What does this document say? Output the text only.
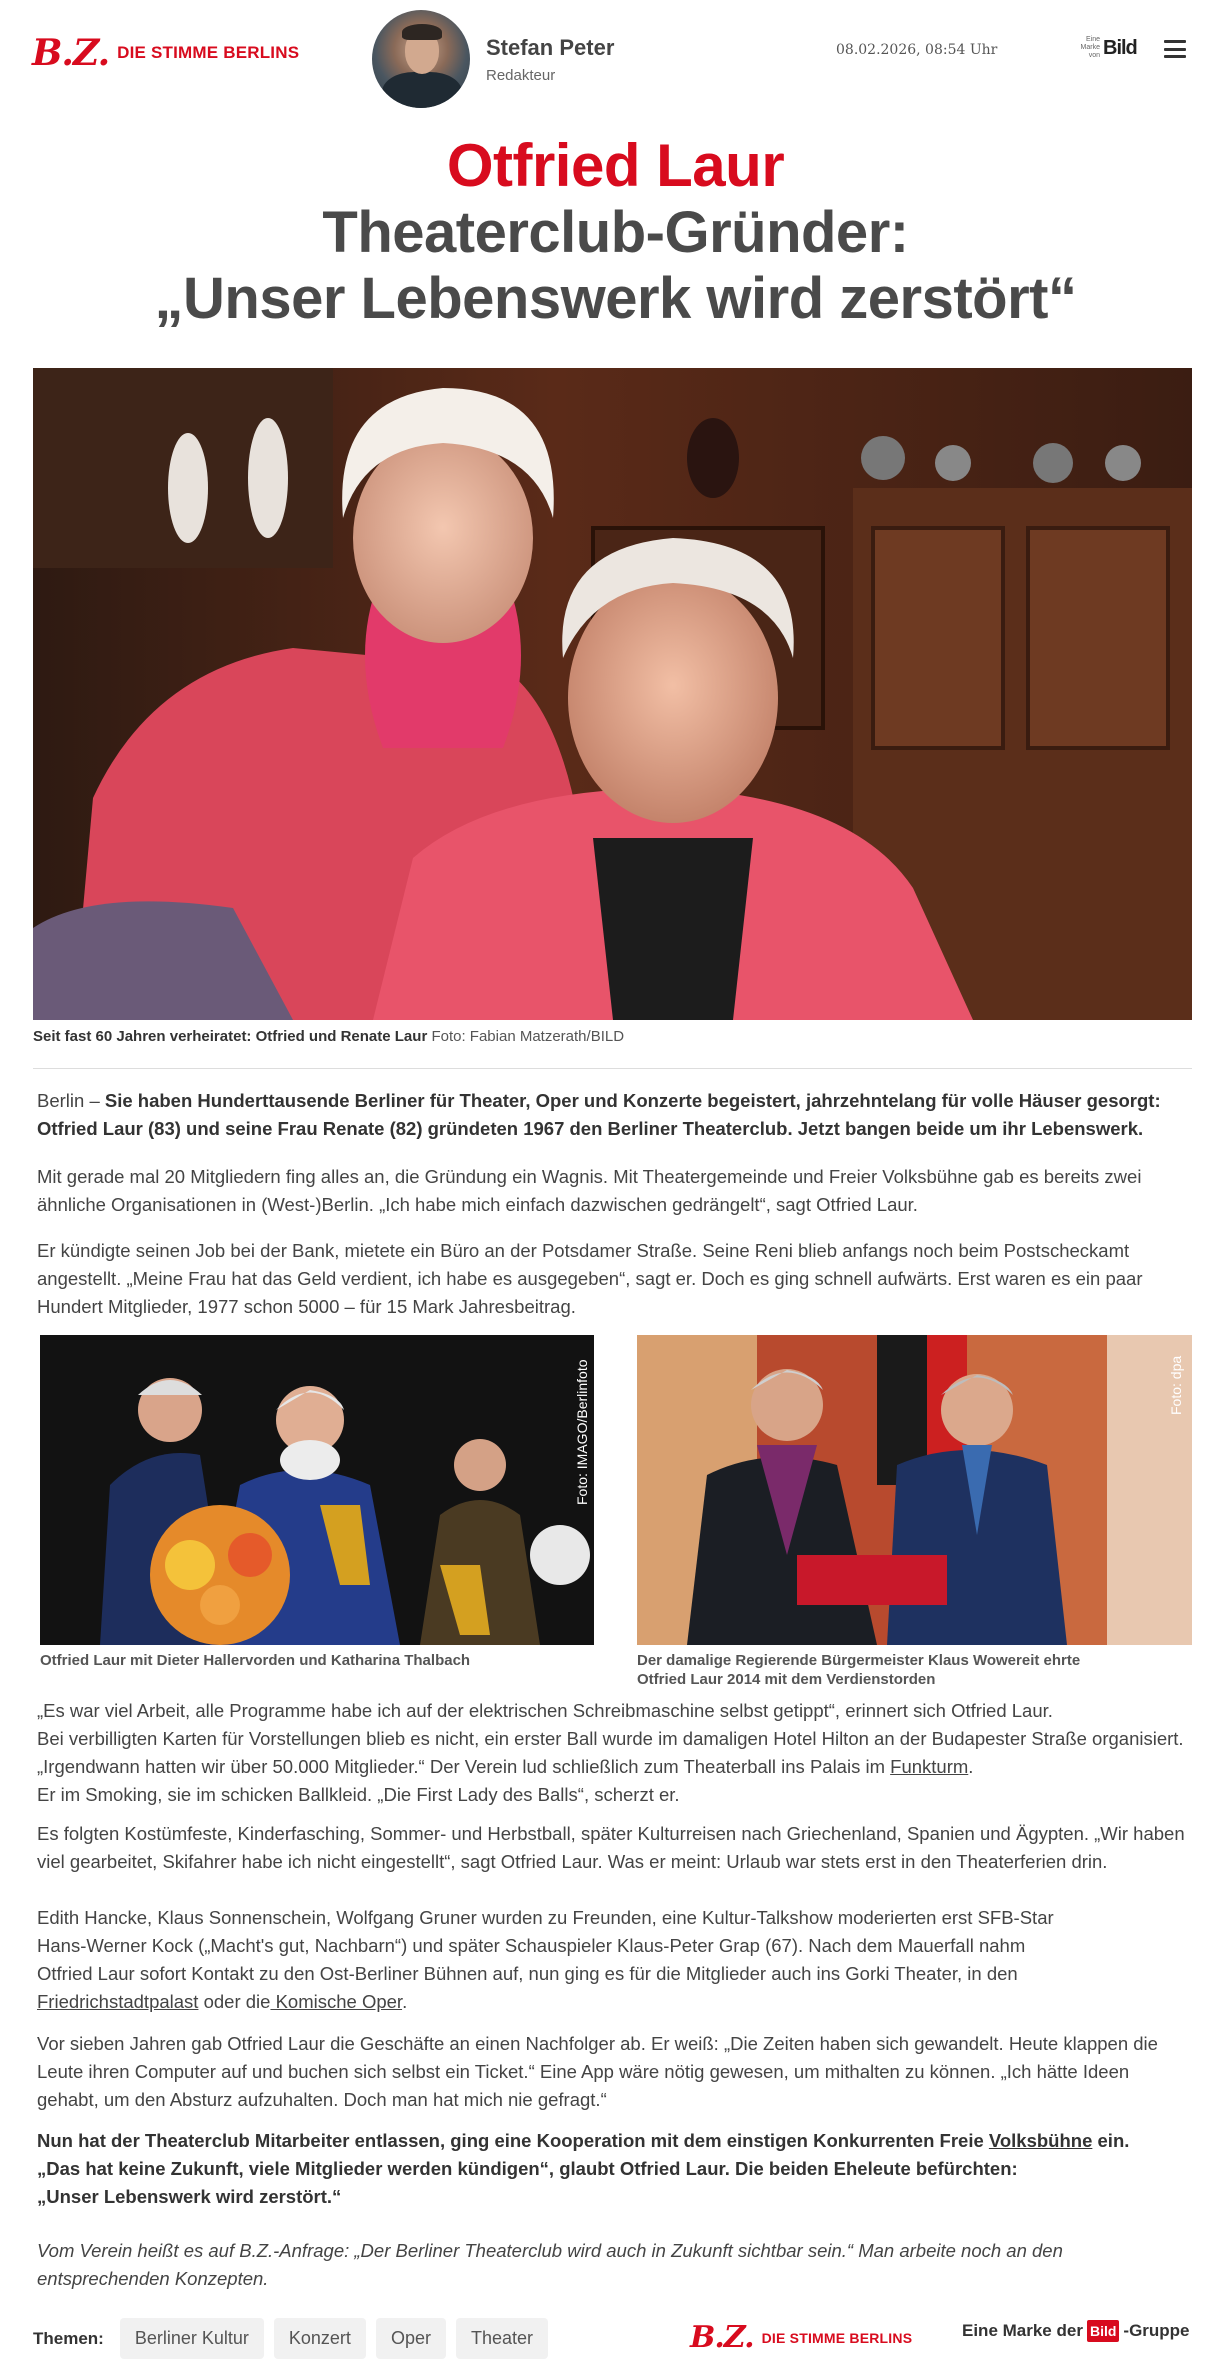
B.Z. DIE STIMME BERLINS	Stefan Peter
Redakteur
08.02.2026, 08:54 Uhr
Eine Marke von Bild
Otfried Laur
Theaterclub-Gründer:
„Unser Lebenswerk wird zerstört“
Seit fast 60 Jahren verheiratet: Otfried und Renate Laur Foto: Fabian Matzerath/BILD
Berlin – Sie haben Hunderttausende Berliner für Theater, Oper und Konzerte begeistert, jahrzehntelang für volle Häuser gesorgt: Otfried Laur (83) und seine Frau Renate (82) gründeten 1967 den Berliner Theaterclub. Jetzt bangen beide um ihr Lebenswerk.
Mit gerade mal 20 Mitgliedern fing alles an, die Gründung ein Wagnis. Mit Theatergemeinde und Freier Volksbühne gab es bereits zwei ähnliche Organisationen in (West-)Berlin. „Ich habe mich einfach dazwischen gedrängelt“, sagt Otfried Laur.
Er kündigte seinen Job bei der Bank, mietete ein Büro an der Potsdamer Straße. Seine Reni blieb anfangs noch beim Postscheckamt angestellt. „Meine Frau hat das Geld verdient, ich habe es ausgegeben“, sagt er. Doch es ging schnell aufwärts. Erst waren es ein paar Hundert Mitglieder, 1977 schon 5000 – für 15 Mark Jahresbeitrag.
Foto: IMAGO/Berlinfoto
Otfried Laur mit Dieter Hallervorden und Katharina Thalbach
Foto: dpa
Der damalige Regierende Bürgermeister Klaus Wowereit ehrte Otfried Laur 2014 mit dem Verdienstorden
„Es war viel Arbeit, alle Programme habe ich auf der elektrischen Schreibmaschine selbst getippt“, erinnert sich Otfried Laur.
Bei verbilligten Karten für Vorstellungen blieb es nicht, ein erster Ball wurde im damaligen Hotel Hilton an der Budapester Straße organisiert. „Irgendwann hatten wir über 50.000 Mitglieder.“ Der Verein lud schließlich zum Theaterball ins Palais im Funkturm.
Er im Smoking, sie im schicken Ballkleid. „Die First Lady des Balls“, scherzt er.
Es folgten Kostümfeste, Kinderfasching, Sommer- und Herbstball, später Kulturreisen nach Griechenland, Spanien und Ägypten. „Wir haben viel gearbeitet, Skifahrer habe ich nicht eingestellt“, sagt Otfried Laur. Was er meint: Urlaub war stets erst in den Theaterferien drin.
Edith Hancke, Klaus Sonnenschein, Wolfgang Gruner wurden zu Freunden, eine Kultur-Talkshow moderierten erst SFB-Star
Hans-Werner Kock („Macht's gut, Nachbarn“) und später Schauspieler Klaus-Peter Grap (67). Nach dem Mauerfall nahm
Otfried Laur sofort Kontakt zu den Ost-Berliner Bühnen auf, nun ging es für die Mitglieder auch ins Gorki Theater, in den
Friedrichstadtpalast oder die Komische Oper.
Vor sieben Jahren gab Otfried Laur die Geschäfte an einen Nachfolger ab. Er weiß: „Die Zeiten haben sich gewandelt. Heute klappen die Leute ihren Computer auf und buchen sich selbst ein Ticket.“ Eine App wäre nötig gewesen, um mithalten zu können. „Ich hätte Ideen gehabt, um den Absturz aufzuhalten. Doch man hat mich nie gefragt.“
Nun hat der Theaterclub Mitarbeiter entlassen, ging eine Kooperation mit dem einstigen Konkurrenten Freie Volksbühne ein.
„Das hat keine Zukunft, viele Mitglieder werden kündigen“, glaubt Otfried Laur. Die beiden Eheleute befürchten:
„Unser Lebenswerk wird zerstört.“
Vom Verein heißt es auf B.Z.-Anfrage: „Der Berliner Theaterclub wird auch in Zukunft sichtbar sein.“ Man arbeite noch an den entsprechenden Konzepten.
Themen:	Berliner Kultur	Konzert	Oper	Theater	B.Z. DIE STIMME BERLINS	Eine Marke der Bild -Gruppe
